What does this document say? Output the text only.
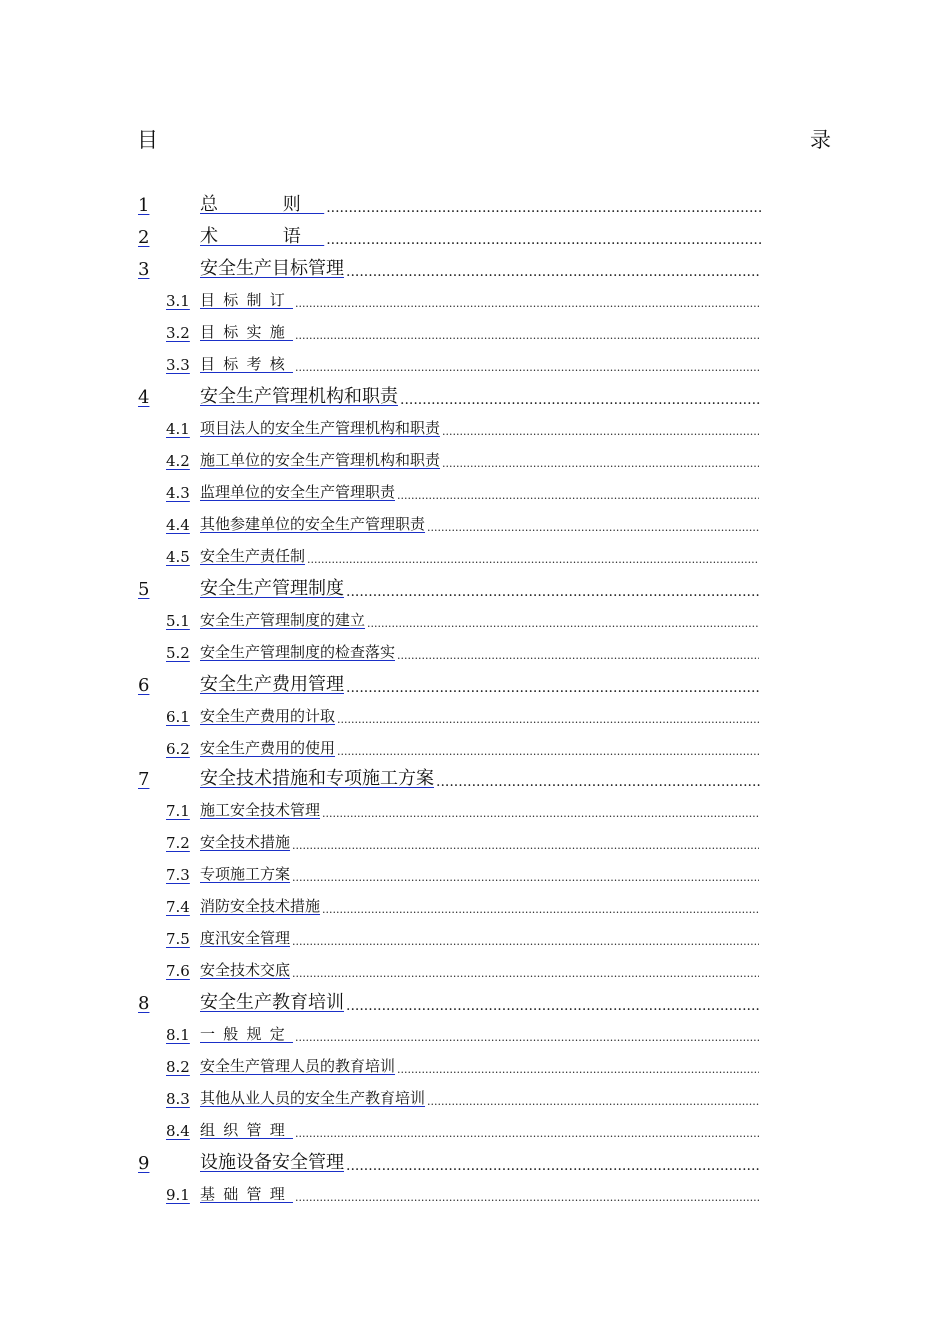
目	录
1	总　则
.....
2	术　语
.....
3	安全生产目标管理
.....
3.1 目标制订
.....
3.2 目标实施
.....
3.3 目标考核
.....
4	安全生产管理机构和职责
.....
4.1 项目法人的安全生产管理机构和职责
.....
4.2 施工单位的安全生产管理机构和职责
.....
4.3 监理单位的安全生产管理职责
.....
4.4 其他参建单位的安全生产管理职责
.....
4.5 安全生产责任制
.....
5	安全生产管理制度
.....
5.1 安全生产管理制度的建立
.....
5.2 安全生产管理制度的检查落实
.....
6	安全生产费用管理
.....
6.1 安全生产费用的计取
.....
6.2 安全生产费用的使用
.....
7	安全技术措施和专项施工方案
.....
7.1 施工安全技术管理
.....
7.2 安全技术措施
.....
7.3 专项施工方案
.....
7.4 消防安全技术措施
.....
7.5 度汛安全管理
.....
7.6 安全技术交底
.....
8	安全生产教育培训
.....
8.1 一般规定
.....
8.2 安全生产管理人员的教育培训
.....
8.3 其他从业人员的安全生产教育培训
.....
8.4 组织管理
.....
9	设施设备安全管理
.....
9.1 基础管理
.....
